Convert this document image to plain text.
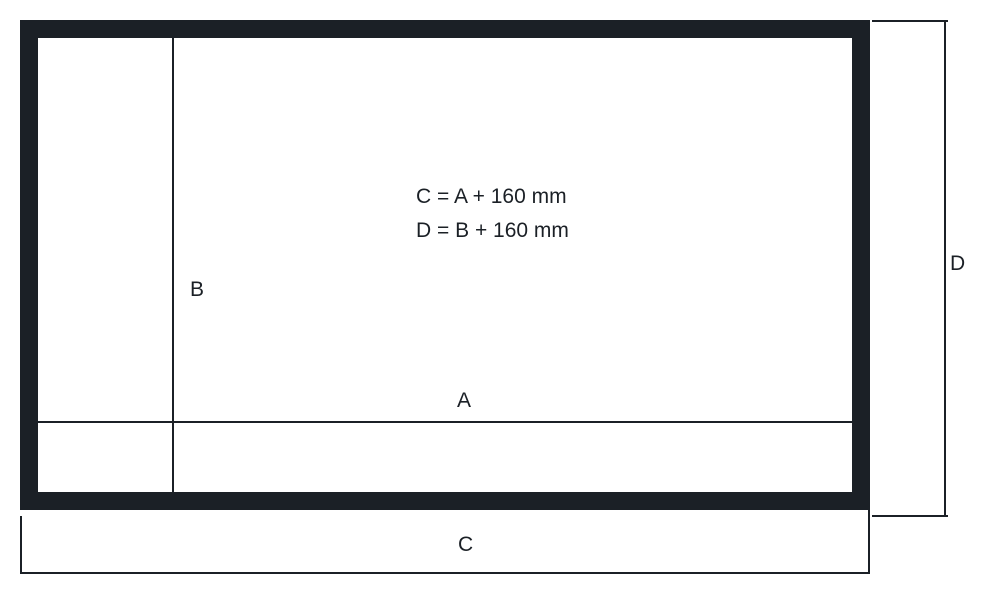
C = A + 160 mm
D = B + 160 mm
B
A
D
C
